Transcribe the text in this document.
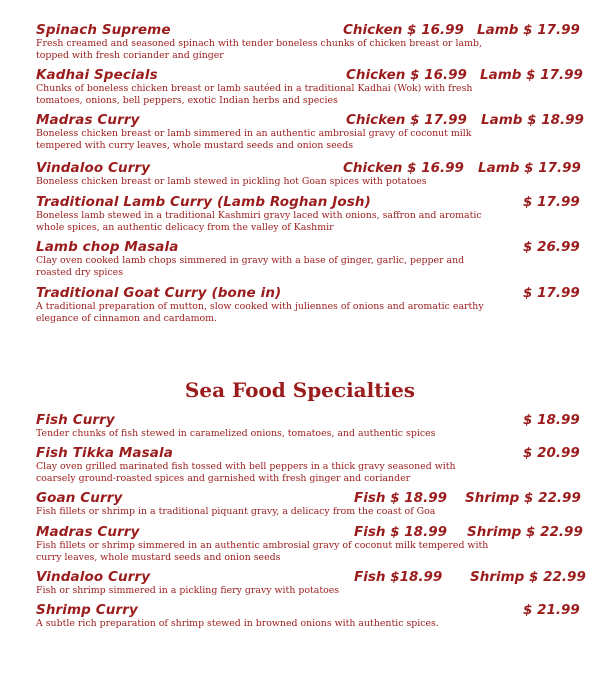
Spinach Supreme	Chicken $ 16.99 Lamb $ 17.99
Fresh creamed and seasoned spinach with tender boneless chunks of chicken breast or lamb, topped with fresh coriander and ginger
Kadhai Specials	Chicken $ 16.99 Lamb $ 17.99
Chunks of boneless chicken breast or lamb sautéed in a traditional Kadhai (Wok) with fresh tomatoes, onions, bell peppers, exotic Indian herbs and species
Madras Curry	Chicken $ 17.99 Lamb $ 18.99
Boneless chicken breast or lamb simmered in an authentic ambrosial gravy of coconut milk tempered with curry leaves, whole mustard seeds and onion seeds
Vindaloo Curry	Chicken $ 16.99 Lamb $ 17.99
Boneless chicken breast or lamb stewed in pickling hot Goan spices with potatoes
Traditional Lamb Curry (Lamb Roghan Josh)	$ 17.99
Boneless lamb stewed in a traditional Kashmiri gravy laced with onions, saffron and aromatic whole spices, an authentic delicacy from the valley of Kashmir
Lamb chop Masala	$ 26.99
Clay oven cooked lamb chops simmered in gravy with a base of ginger, garlic, pepper and roasted dry spices
Traditional Goat Curry (bone in)	$ 17.99
A traditional preparation of mutton, slow cooked with juliennes of onions and aromatic earthy elegance of cinnamon and cardamom.
Sea Food Specialties
Fish Curry	$ 18.99
Tender chunks of fish stewed in caramelized onions, tomatoes, and authentic spices
Fish Tikka Masala	$ 20.99
Clay oven grilled marinated fish tossed with bell peppers in a thick gravy seasoned with coarsely ground-roasted spices and garnished with fresh ginger and coriander
Goan Curry	Fish $ 18.99 Shrimp $ 22.99
Fish fillets or shrimp in a traditional piquant gravy, a delicacy from the coast of Goa
Madras Curry	Fish $ 18.99 Shrimp $ 22.99
Fish fillets or shrimp simmered in an authentic ambrosial gravy of coconut milk tempered with curry leaves, whole mustard seeds and onion seeds
Vindaloo Curry	Fish $18.99 Shrimp $ 22.99
Fish or shrimp simmered in a pickling fiery gravy with potatoes
Shrimp Curry	$ 21.99
A subtle rich preparation of shrimp stewed in browned onions with authentic spices.
